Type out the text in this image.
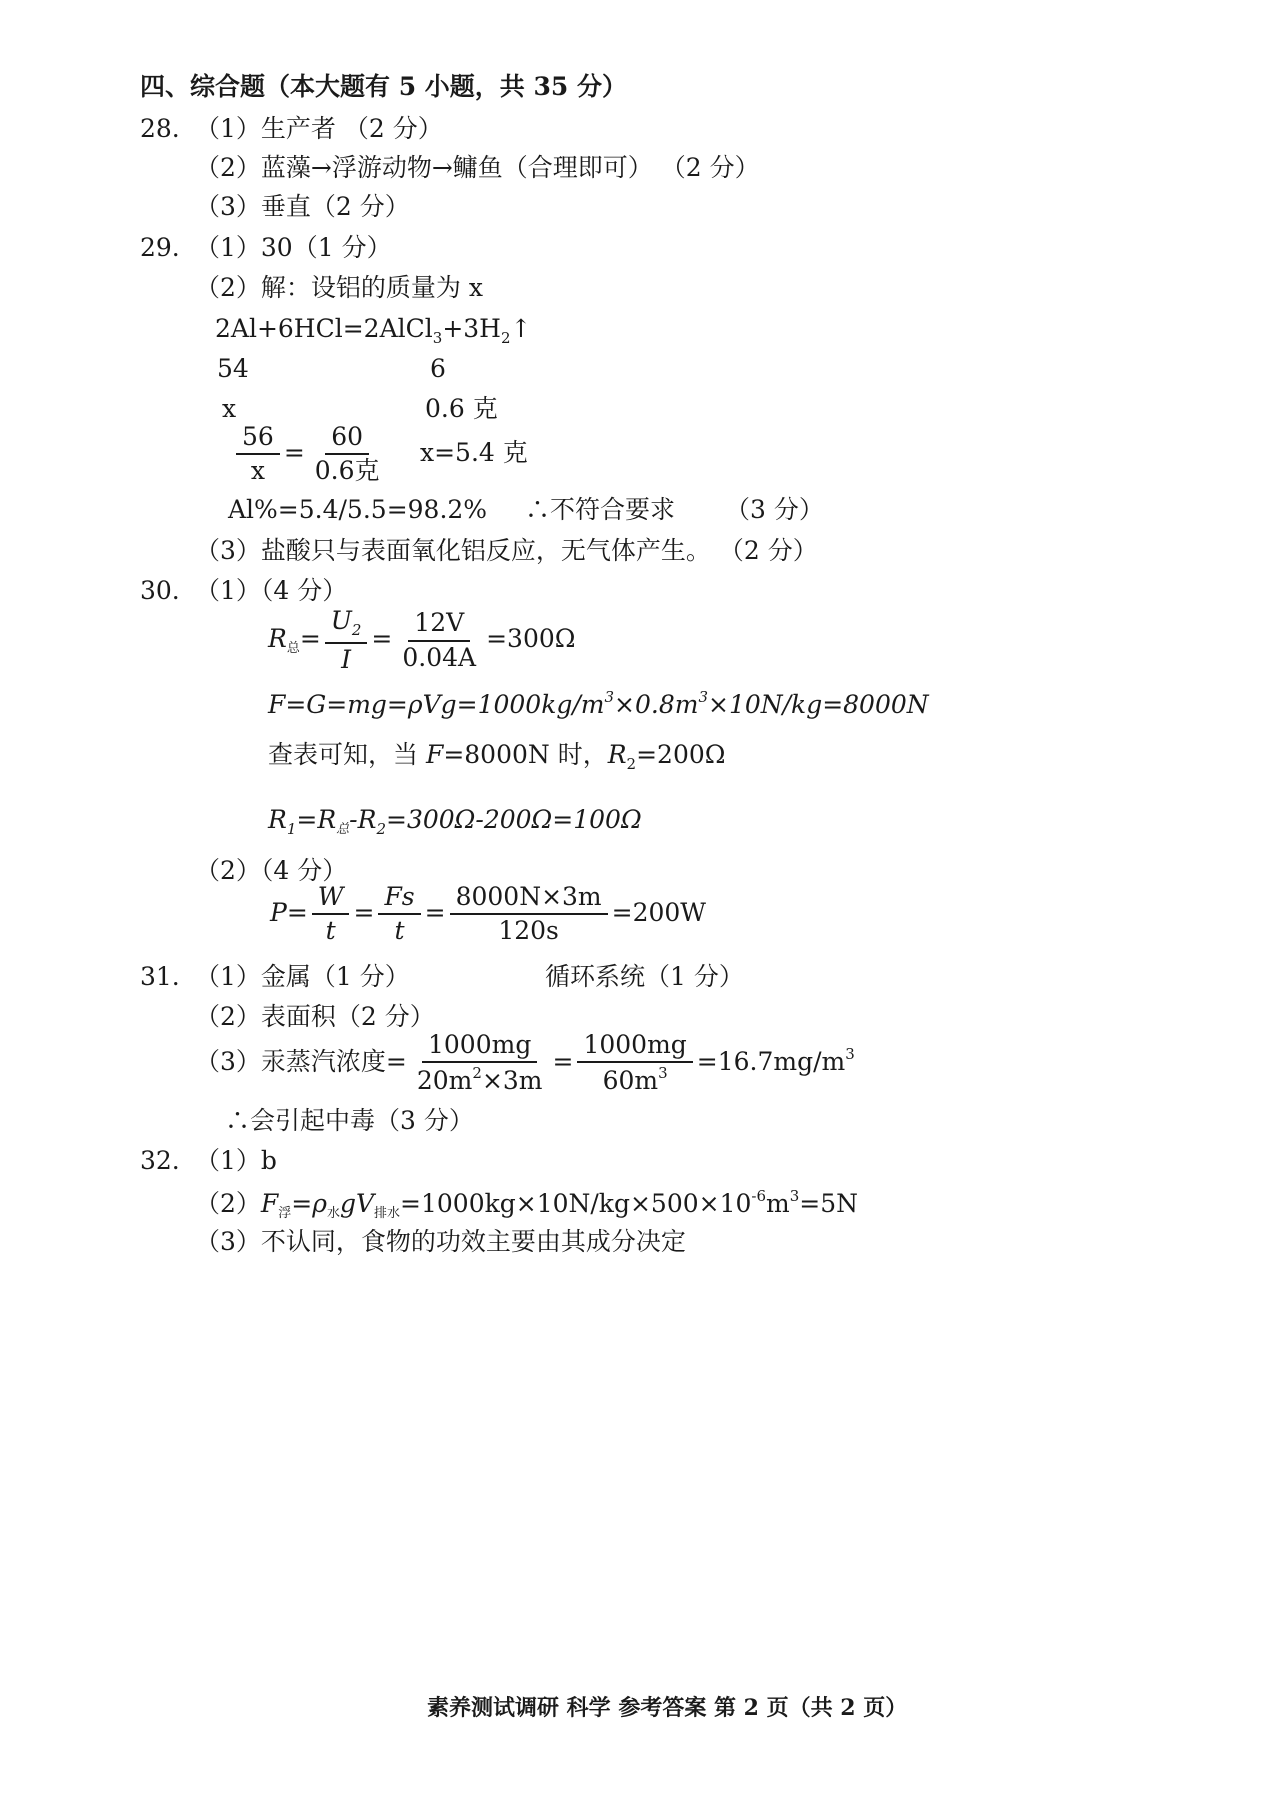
四、综合题（本大题有 5 小题，共 35 分）
28. （1）生产者 （2 分）
（2）蓝藻→浮游动物→鳙鱼（合理即可） （2 分）
（3）垂直（2 分）
29. （1）30（1 分）
（2）解：设铝的质量为 x
$2Al+6HCl=2AlCl_3+3H_2↑$
54	6
x	0.6 克
$\frac{56}{x} = \frac{60}{\text{0.6克}} x=5.4$ 克
Al%=5.4/5.5=98.2% ∴不符合要求 （3 分）
（3）盐酸只与表面氧化铝反应，无气体产生。 （2 分）
30. （1）（4 分）
$R_总= \frac{U_2}{I} = \frac{12V}{0.04A} =300\Omega$
$F=G=mg=\rho Vg=1000kg/m^3\times 0.8m^3\times 10N/kg=8000N$
查表可知，当 F=8000N 时，$R_2=200\Omega$
$R_1=R_总-R_2=300\Omega-200\Omega=100\Omega$
（2）（4 分）
$P= \frac{W}{t} = \frac{Fs}{t} = \frac{8000N\times 3m}{120s} =200W$
31. （1）金属（1 分）	循环系统（1 分）
（2）表面积（2 分）
（3）汞蒸汽浓度= $\frac{1000mg}{20m^2\times 3m} = \frac{1000mg}{60m^3} =16.7mg/m^3$
∴会引起中毒（3 分）
32. （1）b
$(2)F_浮=\rho_水gV_{排水}=1000kg\times 10N/kg\times 500\times 10^{-6}m^3=5N$
（3）不认同，食物的功效主要由其成分决定
素养测试调研 科学 参考答案 第 2 页（共 2 页）
